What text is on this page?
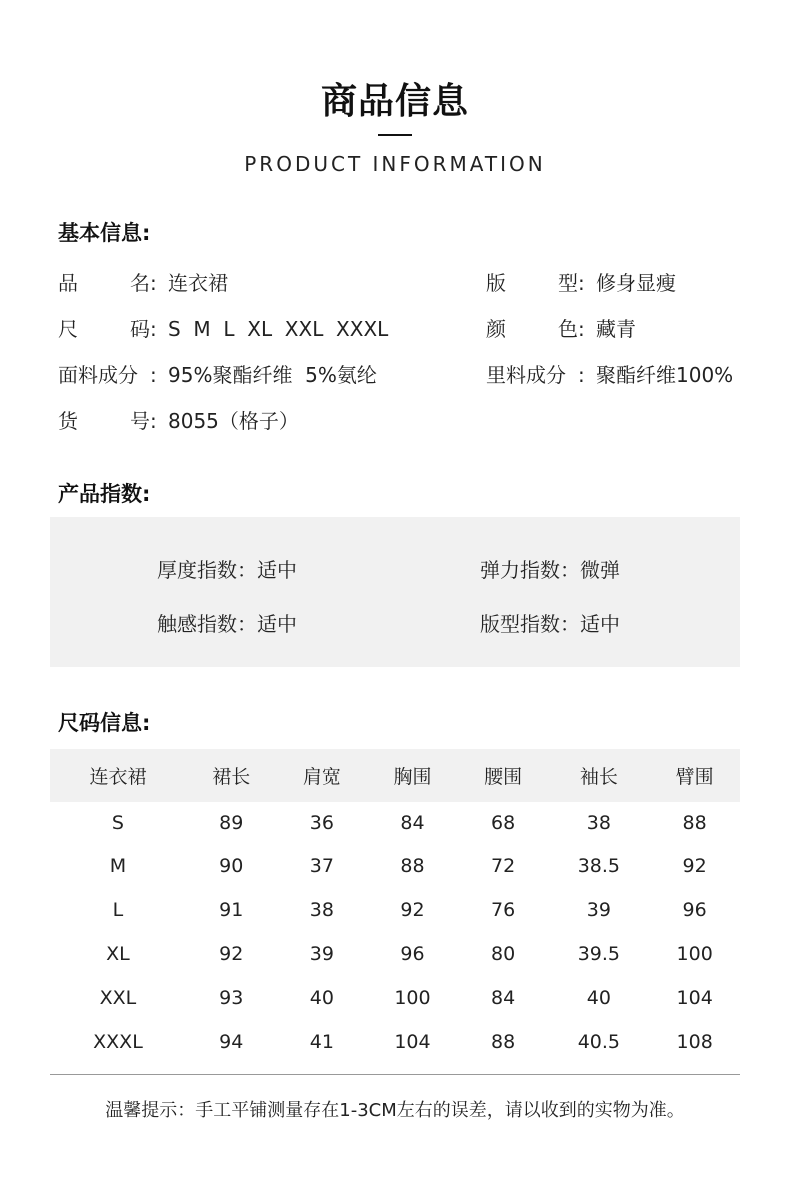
商品信息
PRODUCT INFORMATION
基本信息:
品	名 : 连衣裙
尺	码 : S  M  L  XL  XXL  XXXL
面料成分 : 95%聚酯纤维  5%氨纶
货	号 : 8055（格子）
版	型 : 修身显瘦
颜	色 : 藏青
里料成分 : 聚酯纤维100%
产品指数:
厚度指数：适中	弹力指数：微弹
触感指数：适中	版型指数：适中
尺码信息:
连衣裙	裙长	肩宽	胸围	腰围	袖长	臂围
S	89	36	84	68	38	88
M	90	37	88	72	38.5	92
L	91	38	92	76	39	96
XL	92	39	96	80	39.5	100
XXL	93	40	100	84	40	104
XXXL	94	41	104	88	40.5	108
温馨提示：手工平铺测量存在1-3CM左右的误差，请以收到的实物为准。
